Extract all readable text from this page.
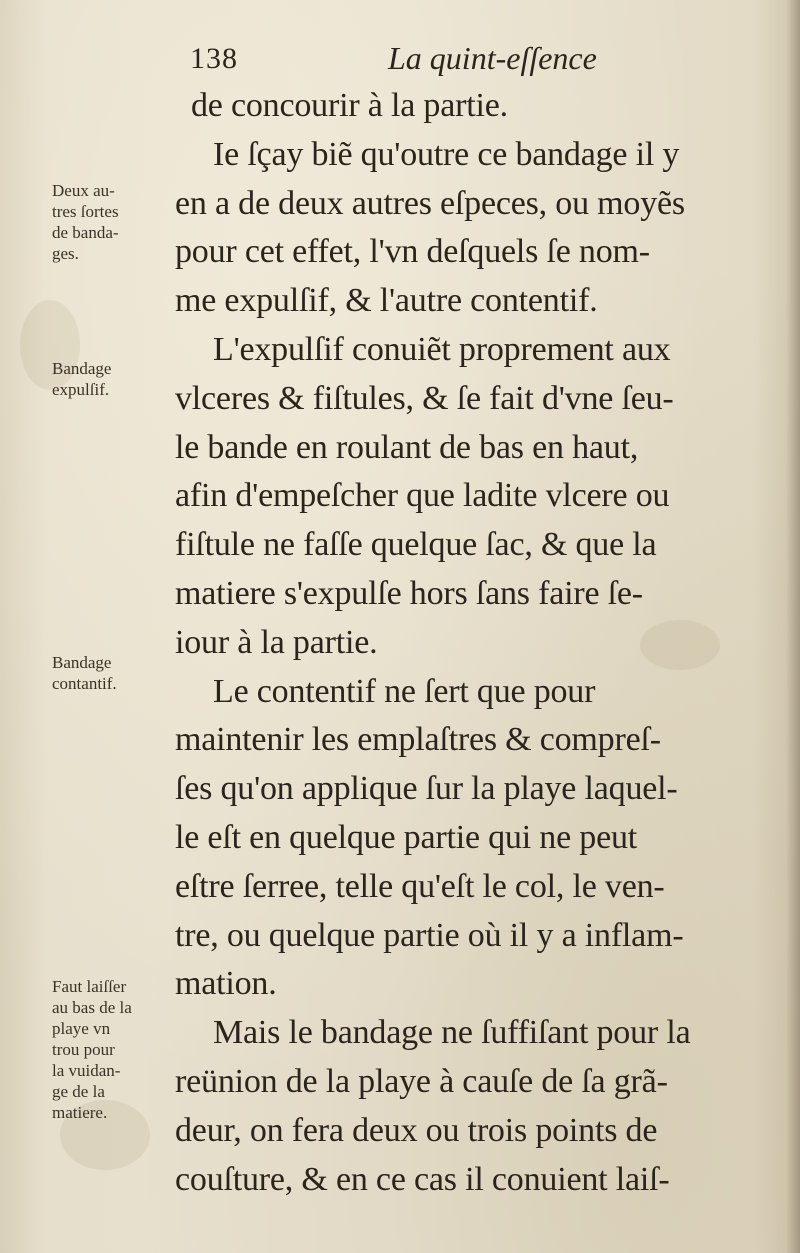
138	La quint-eſſence
de concourir à la partie.
Ie ſçay biẽ qu'outre ce bandage il y
en a de deux autres eſpeces, ou moyẽs
pour cet effet, l'vn deſquels ſe nom-
me expulſif, & l'autre contentif.
L'expulſif conuiẽt proprement aux
vlceres & fiſtules, & ſe fait d'vne ſeu-
le bande en roulant de bas en haut,
afin d'empeſcher que ladite vlcere ou
fiſtule ne faſſe quelque ſac, & que la
matiere s'expulſe hors ſans faire ſe-
iour à la partie.
Le contentif ne ſert que pour
maintenir les emplaſtres & compreſ-
ſes qu'on applique ſur la playe laquel-
le eſt en quelque partie qui ne peut
eſtre ſerree, telle qu'eſt le col, le ven-
tre, ou quelque partie où il y a inflam-
mation.
Mais le bandage ne ſuffiſant pour la
reünion de la playe à cauſe de ſa grã-
deur, on fera deux ou trois points de
couſture, & en ce cas il conuient laiſ-
Deux au-
tres ſortes
de banda-
ges.
Bandage
expulſif.
Bandage
contantif.
Faut laiſſer
au bas de la
playe vn
trou pour
la vuidan-
ge de la
matiere.
